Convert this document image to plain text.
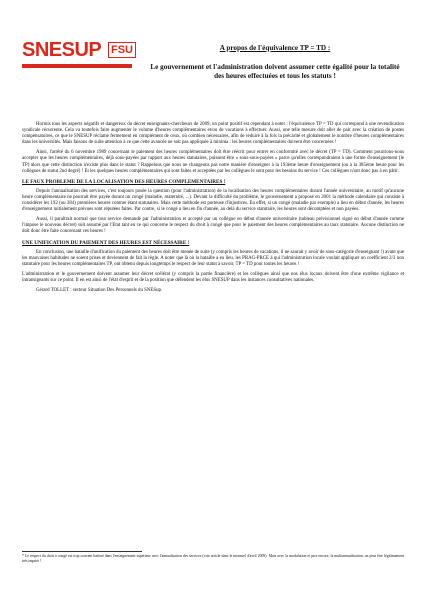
SNESUP FSU	A propos de l'équivalence TP = TD :
Le gouvernement et l'administration doivent assumer cette égalité pour la totalité des heures effectuées et tous les statuts !

Hormis tous les aspects négatifs et dangereux du décret enseignants-chercheurs de 2009, un point positif est cependant à noter : l'équivalence TP = TD qui correspond à une revendication syndicale récurrente. Cela va toutefois faire augmenter le volume d'heures complémentaires et/ou de vacations à effectuer. Aussi, une telle mesure doit aller de pair avec la création de postes compensatoires, ce que le SNESUP réclame fermement en complément de ceux, où combien nécessaires, afin de réduire à la fois la précarité et globalement le nombre d'heures complémentaires dans les universités. Mais faisons de suite attention à ce que cette avancée ne soit pas appliquée à minima : les heures complémentaires doivent être concernées !

Ainsi, l'arrêté du 6 novembre 1989 concernant le paiement des heures complémentaires doit être réécrit pour entrer en conformité avec le décret (TP = TD). Comment pourrions-nous accepter que les heures complémentaires, déjà sous-payées par rapport aux heures statutaires, puissent être « sous-sous-payées » parce qu'elles correspondraient à une forme d'enseignement (le TP) alors que cette distinction n'existe plus dans le statut ? Rappelons que nous ne changeons pas notre manière d'enseigner à la 193ème heure d'enseignement (ou à la 385ème heure pour les collègues de statut 2nd degré) ! Et les quelques heures complémentaires qui sont faites et acceptées par les collègues le sont pour les besoins du service ! Ces collègues n'ont donc pas à en pâtir.

LE FAUX PROBLEME DE LA LOCALISATION DES HEURES COMPLEMENTAIRES !

Depuis l'annualisation des services, c'est toujours posée la question (pour l'administration) de la localisation des heures complémentaires durant l'année universitaire, au motif qu'aucune heure complémentaire ne pourrait être payée durant un congé (maladie, maternité, ...). Devant la difficulté du problème, le gouvernement a proposé en 2001 la méthode calendaire qui consiste à considérer les 192 (ou 384) premières heures comme étant statutaires. Mais cette méthode est porteuse d'injustices. En effet, si un congé (maladie par exemple) a lieu en début d'année, les heures d'enseignement initialement prévues sont réputées faites. Par contre, si le congé a lieu en fin d'année, au delà du service statutaire, les heures sont décomptées et non payées.

Aussi, il paraîtrait normal que tout service demandé par l'administration et accepté par un collègue en début d'année universitaire (tableau prévisionnel signé en début d'année comme l'impose le nouveau décret) soit assumé par l'Etat tant en ce qui concerne le respect du droit à congé que pour le paiement des heures complémentaires au taux statutaire. Aucune distinction ne doit donc être faite concernant ces heures !

UNE UNIFICATION DU PAIEMENT DES HEURES EST NÉCESSAIRE !

En conclusion, une bataille d'unification du paiement des heures doit être menée de suite (y compris les heures de vacations, il ne saurait y avoir de sous-catégorie d'enseignant !) avant que les mauvaises habitudes ne soient prises et deviennent de fait la règle. A noter que là où la bataille a eu lieu, les PRAG-PRCE à qui l'administration locale voulait appliquer un coefficient 2/3 non statutaire pour les heures complémentaires TP, ont obtenu depuis longtemps le respect de leur statut à savoir, TP = TD pour toutes les heures !

L'administration et le gouvernement doivent assumer leur décret scélérat (y compris la partie financière) et les collègues ainsi que nos élus locaux doivent être d'une extrême vigilance et intransigeants sur ce point. Il en est ainsi de l'état d'esprit et de la position que défendent les élus SNESUP dans les instances consultatives nationales.

Gérard TOLLET : secteur Situation Des Personnels du SNESup.

* Le respect du droit à congé est trop souvent bafoué dans l'enseignement supérieur avec l'annualisation des services (voir article dans le mensuel d'avril 2009). Mais avec la modulation et pire encore, la multiannualisation, on peut être légitimement très inquiet !
